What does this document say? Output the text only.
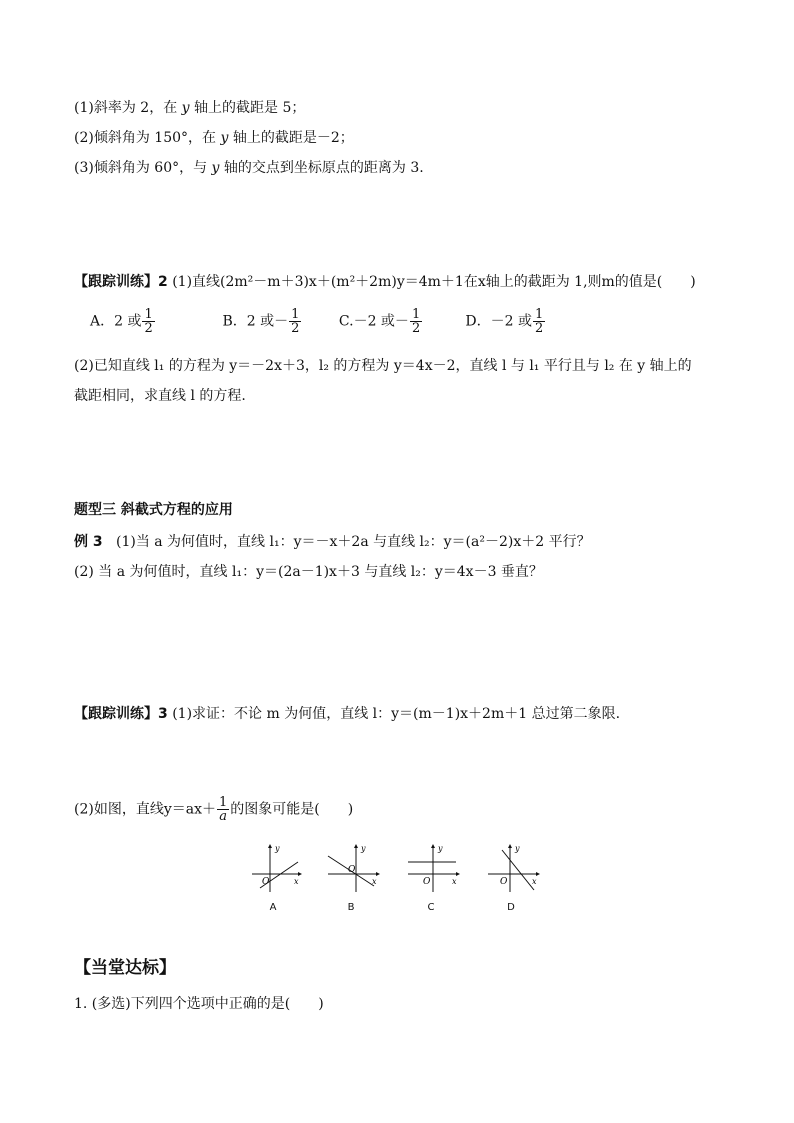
(1)斜率为 2，在 y 轴上的截距是 5；
(2)倾斜角为 150°，在 y 轴上的截距是－2；
(3)倾斜角为 60°，与 y 轴的交点到坐标原点的距离为 3.
【跟踪训练】2 (1)直线(2m²－m＋3)x＋(m²＋2m)y＝4m＋1在x轴上的截距为 1,则m的值是(　　)
A．2 或 $\frac{1}{2}$	B．2 或－ $\frac{1}{2}$	C.－2 或－ $\frac{1}{2}$	D．－2 或 $\frac{1}{2}$
(2)已知直线 l₁ 的方程为 y＝－2x＋3，l₂ 的方程为 y＝4x－2，直线 l 与 l₁ 平行且与 l₂ 在 y 轴上的
截距相同，求直线 l 的方程.
题型三 斜截式方程的应用
例 3 (1)当 a 为何值时，直线 l₁：y＝－x＋2a 与直线 l₂：y＝(a²－2)x＋2 平行？
(2) 当 a 为何值时，直线 l₁：y＝(2a－1)x＋3 与直线 l₂：y＝4x－3 垂直？
【跟踪训练】3 (1)求证：不论 m 为何值，直线 l：y＝(m－1)x＋2m＋1 总过第二象限.
(2)如图，直线$y=ax+ \frac{1}{a}$ 的图象可能是(　　)
y
x
O
A
y
x
O
B
y
x
O
C
y
x
O
D
【当堂达标】
1. (多选)下列四个选项中正确的是(　　)
